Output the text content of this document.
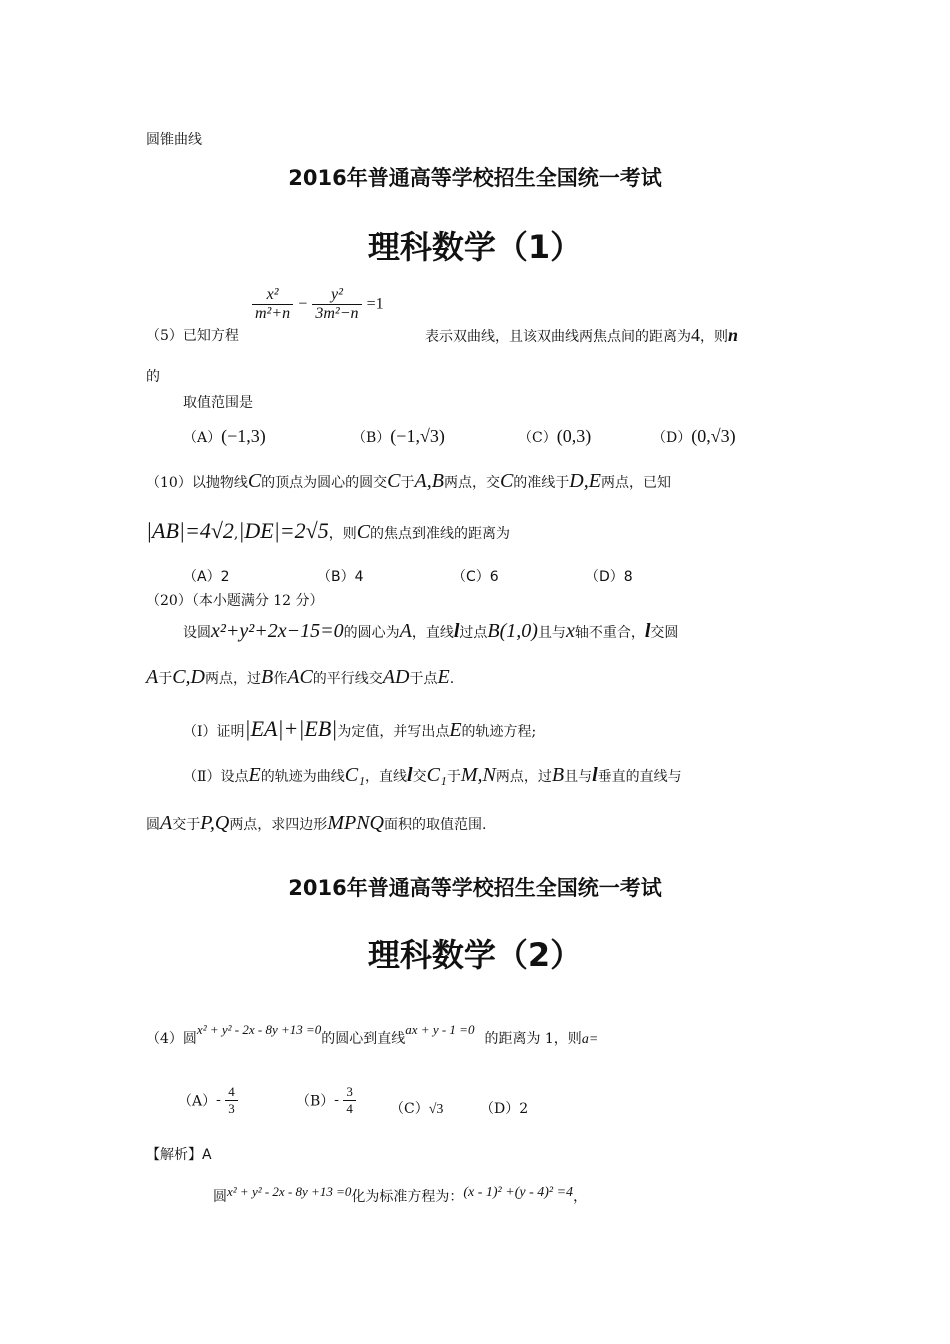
圆锥曲线
2016年普通高等学校招生全国统一考试
理科数学（1）
（5）已知方程
$\frac{\text{x²}}{\text{m²+n}} - \frac{\text{y²}}{\text{3m²−n}} =1$
表示双曲线，且该双曲线两焦点间的距离为4，则n
的
取值范围是
（A）(−1,3)	（B）(−1,√3)	（C）(0,3)	（D）(0,√3)
（10）以抛物线C的顶点为圆心的圆交C于A,B两点，交C的准线于D,E两点，已知
|AB|=4√2,|DE|=2√5，则C的焦点到准线的距离为
（A）2	（B）4	（C）6	（D）8
（20）（本小题满分 12 分）
设圆x²+y²+2x−15=0的圆心为A，直线l过点B(1,0)且与x轴不重合，l交圆
A于C,D两点，过B作AC的平行线交AD于点E.
（Ⅰ）证明|EA|+|EB|为定值，并写出点E的轨迹方程;
（Ⅱ）设点E的轨迹为曲线C₁，直线l交C₁于M,N两点，过B且与l垂直的直线与
圆A交于P,Q两点，求四边形MPNQ面积的取值范围.
2016年普通高等学校招生全国统一考试
理科数学（2）
（4）圆x² + y² - 2x - 8y +13 =0的圆心到直线ax + y - 1 =0的距离为 1，则a=
$(A)- \frac{4}{3}$	$(B)- \frac{3}{4} (C)√3$	（D）2
【解析】A
圆x² + y² - 2x - 8y +13 =0化为标准方程为：(x - 1)² +(y - 4)² =4，
